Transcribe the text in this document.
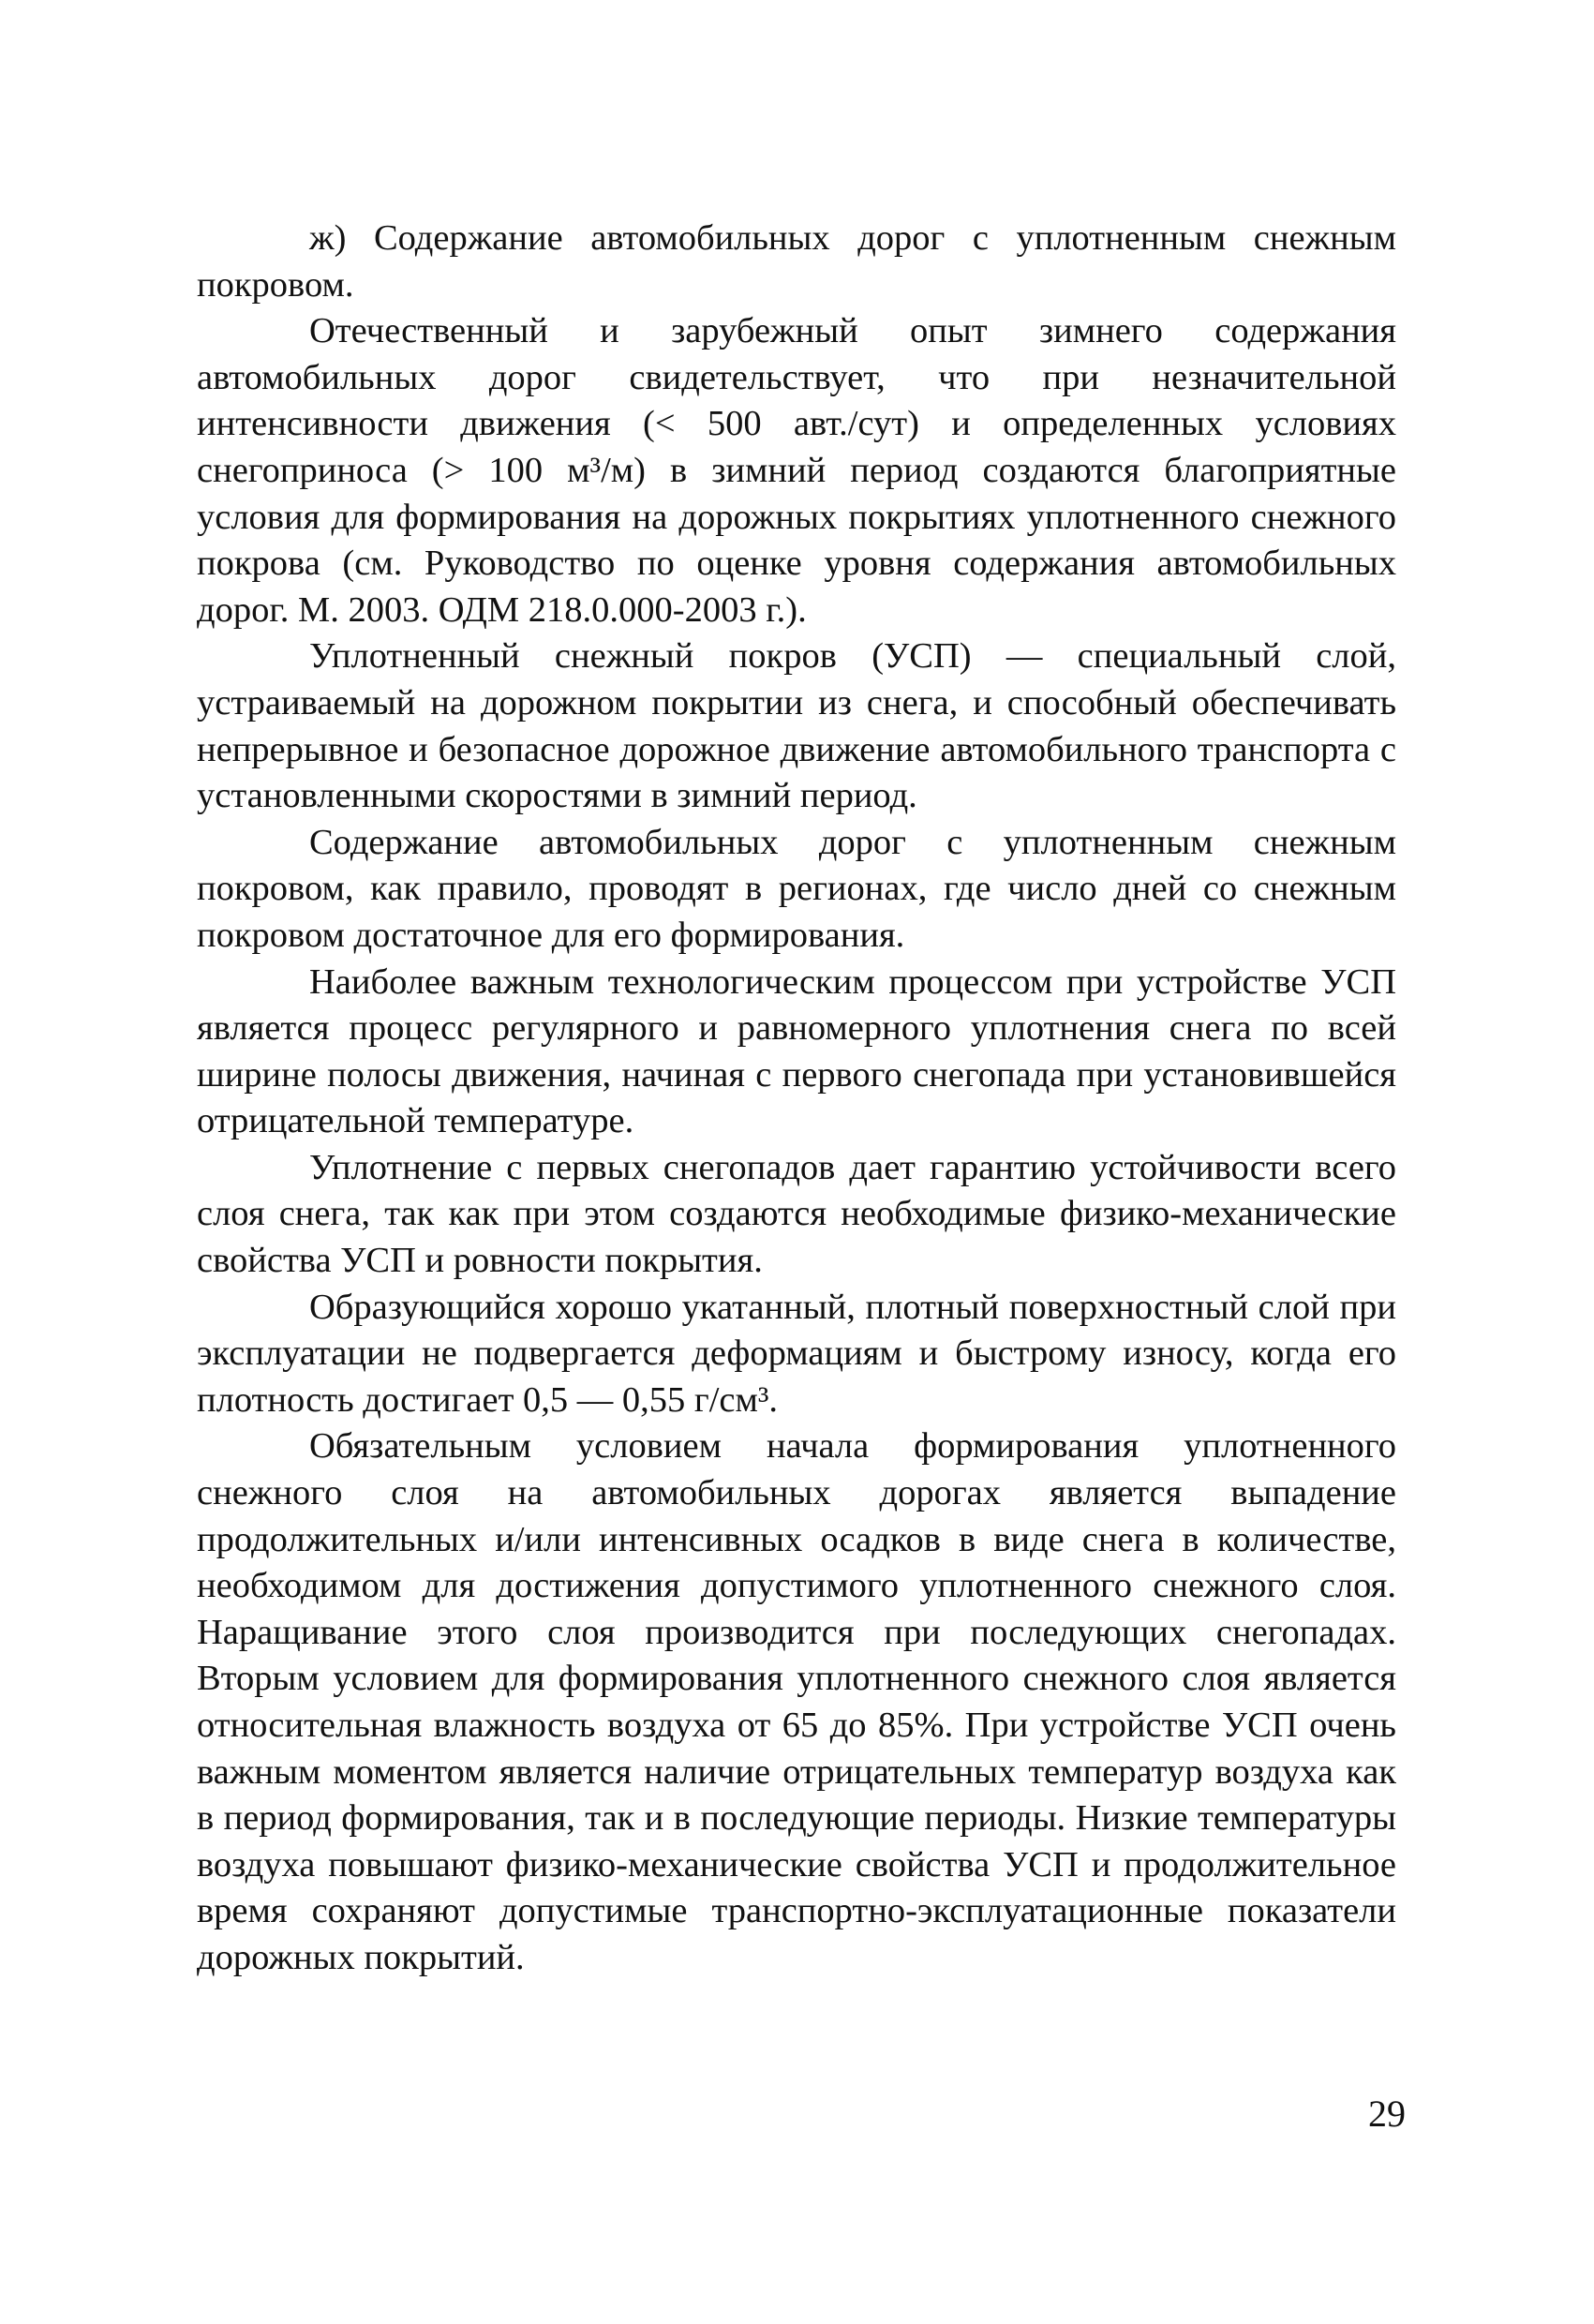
ж) Содержание автомобильных дорог с уплотненным снежным покровом.

Отечественный и зарубежный опыт зимнего содержания автомобильных дорог свидетельствует, что при незначительной интенсивности движения (< 500 авт./сут) и определенных условиях снегоприноса (> 100 м³/м) в зимний период создаются благоприятные условия для формирования на дорожных покрытиях уплотненного снежного покрова (см. Руководство по оценке уровня содержания автомобильных дорог. М. 2003. ОДМ 218.0.000-2003 г.).

Уплотненный снежный покров (УСП) — специальный слой, устраиваемый на дорожном покрытии из снега, и способный обеспечивать непрерывное и безопасное дорожное движение автомобильного транспорта с установленными скоростями в зимний период.

Содержание автомобильных дорог с уплотненным снежным покровом, как правило, проводят в регионах, где число дней со снежным покровом достаточное для его формирования.

Наиболее важным технологическим процессом при устройстве УСП является процесс регулярного и равномерного уплотнения снега по всей ширине полосы движения, начиная с первого снегопада при установившейся отрицательной температуре.

Уплотнение с первых снегопадов дает гарантию устойчивости всего слоя снега, так как при этом создаются необходимые физико-механические свойства УСП и ровности покрытия.

Образующийся хорошо укатанный, плотный поверхностный слой при эксплуатации не подвергается деформациям и быстрому износу, когда его плотность достигает 0,5 — 0,55 г/см³.

Обязательным условием начала формирования уплотненного снежного слоя на автомобильных дорогах является выпадение продолжительных и/или интенсивных осадков в виде снега в количестве, необходимом для достижения допустимого уплотненного снежного слоя. Наращивание этого слоя производится при последующих снегопадах. Вторым условием для формирования уплотненного снежного слоя является относительная влажность воздуха от 65 до 85%. При устройстве УСП очень важным моментом является наличие отрицательных температур воздуха как в период формирования, так и в последующие периоды. Низкие температуры воздуха повышают физико-механические свойства УСП и продолжительное время сохраняют допустимые транспортно-эксплуатационные показатели дорожных покрытий.

29
